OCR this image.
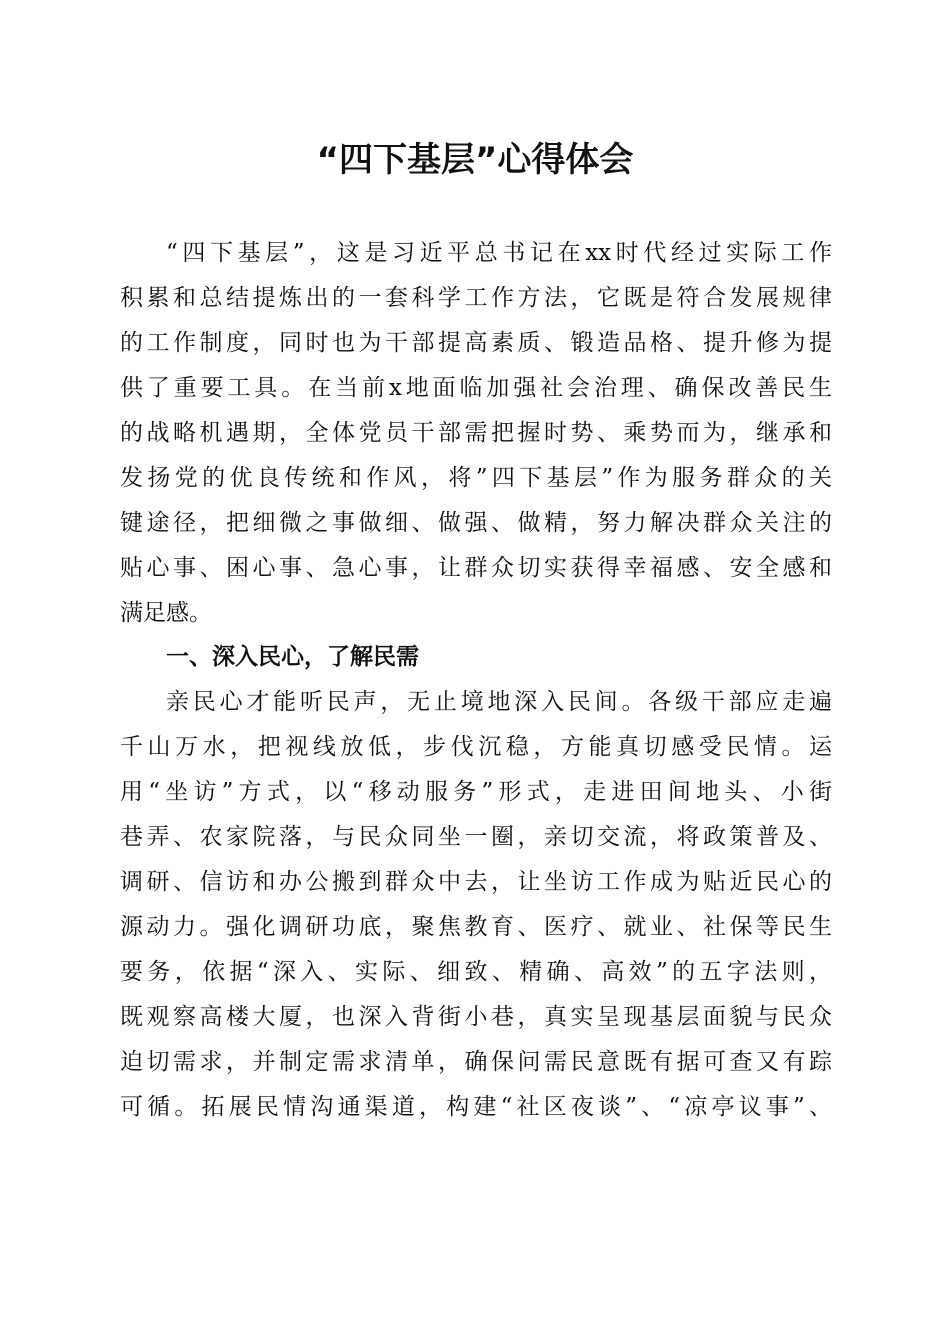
“四下基层”心得体会

“四下基层”，这是习近平总书记在xx时代经过实际工作

积累和总结提炼出的一套科学工作方法，它既是符合发展规律

的工作制度，同时也为干部提高素质、锻造品格、提升修为提

供了重要工具。在当前x地面临加强社会治理、确保改善民生

的战略机遇期，全体党员干部需把握时势、乘势而为，继承和

发扬党的优良传统和作风，将”四下基层”作为服务群众的关

键途径，把细微之事做细、做强、做精，努力解决群众关注的

贴心事、困心事、急心事，让群众切实获得幸福感、安全感和

满足感。

一、深入民心，了解民需

亲民心才能听民声，无止境地深入民间。各级干部应走遍

千山万水，把视线放低，步伐沉稳，方能真切感受民情。运

用“坐访”方式，以“移动服务”形式，走进田间地头、小街

巷弄、农家院落，与民众同坐一圈，亲切交流，将政策普及、

调研、信访和办公搬到群众中去，让坐访工作成为贴近民心的

源动力。强化调研功底，聚焦教育、医疗、就业、社保等民生

要务，依据“深入、实际、细致、精确、高效”的五字法则，

既观察高楼大厦，也深入背街小巷，真实呈现基层面貌与民众

迫切需求，并制定需求清单，确保问需民意既有据可查又有踪

可循。拓展民情沟通渠道，构建“社区夜谈”、“凉亭议事”、
